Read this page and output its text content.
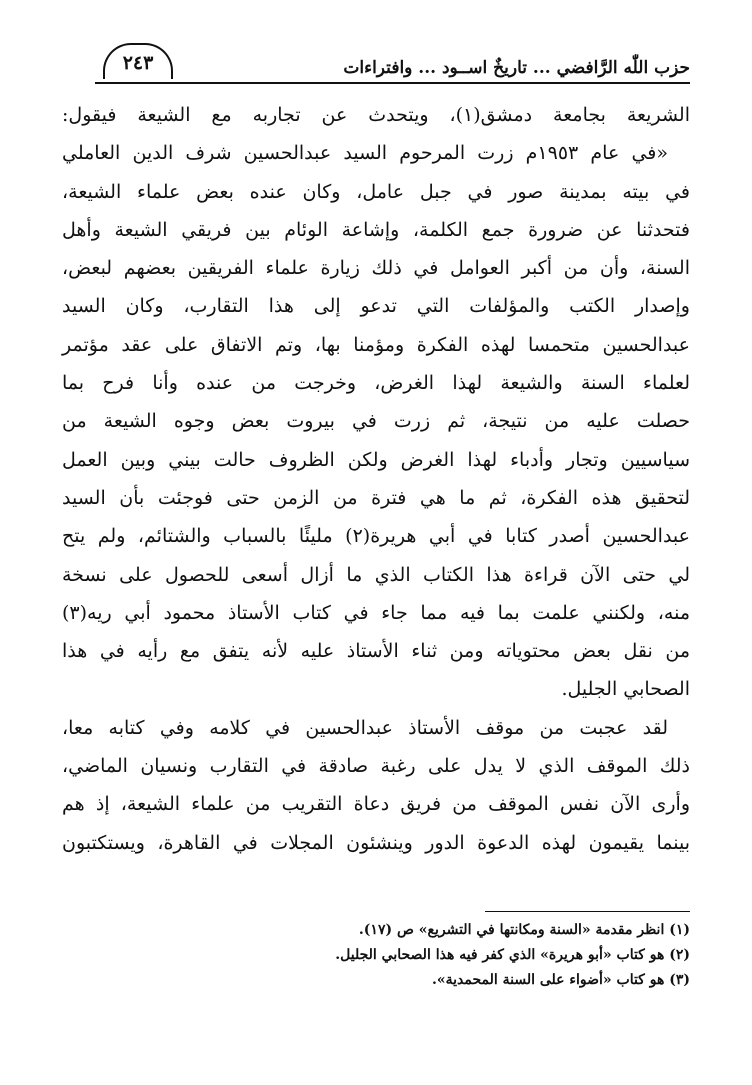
حزب اللّٰه الرَّافضي ... تاريخٌ اســود ... وافتراءات
٢٤٣
الشريعة بجامعة دمشق(١)، ويتحدث عن تجاربه مع الشيعة فيقول:
«في عام ١٩٥٣م زرت المرحوم السيد عبدالحسين شرف الدين العاملي
في بيته بمدينة صور في جبل عامل، وكان عنده بعض علماء الشيعة،
فتحدثنا عن ضرورة جمع الكلمة، وإشاعة الوئام بين فريقي الشيعة وأهل
السنة، وأن من أكبر العوامل في ذلك زيارة علماء الفريقين بعضهم لبعض،
وإصدار الكتب والمؤلفات التي تدعو إلى هذا التقارب، وكان السيد
عبدالحسين متحمسا لهذه الفكرة ومؤمنا بها، وتم الاتفاق على عقد مؤتمر
لعلماء السنة والشيعة لهذا الغرض، وخرجت من عنده وأنا فرح بما
حصلت عليه من نتيجة، ثم زرت في بيروت بعض وجوه الشيعة من
سياسيين وتجار وأدباء لهذا الغرض ولكن الظروف حالت بيني وبين العمل
لتحقيق هذه الفكرة، ثم ما هي فترة من الزمن حتى فوجئت بأن السيد
عبدالحسين أصدر كتابا في أبي هريرة(٢) مليئًا بالسباب والشتائم، ولم يتح
لي حتى الآن قراءة هذا الكتاب الذي ما أزال أسعى للحصول على نسخة
منه، ولكنني علمت بما فيه مما جاء في كتاب الأستاذ محمود أبي ريه(٣)
من نقل بعض محتوياته ومن ثناء الأستاذ عليه لأنه يتفق مع رأيه في هذا
الصحابي الجليل.
لقد عجبت من موقف الأستاذ عبدالحسين في كلامه وفي كتابه معا،
ذلك الموقف الذي لا يدل على رغبة صادقة في التقارب ونسيان الماضي،
وأرى الآن نفس الموقف من فريق دعاة التقريب من علماء الشيعة، إذ هم
بينما يقيمون لهذه الدعوة الدور وينشئون المجلات في القاهرة، ويستكتبون
(١) انظر مقدمة «السنة ومكانتها في التشريع» ص (١٧).
(٢) هو كتاب «أبو هريرة» الذي كفر فيه هذا الصحابي الجليل.
(٣) هو كتاب «أضواء على السنة المحمدية».
